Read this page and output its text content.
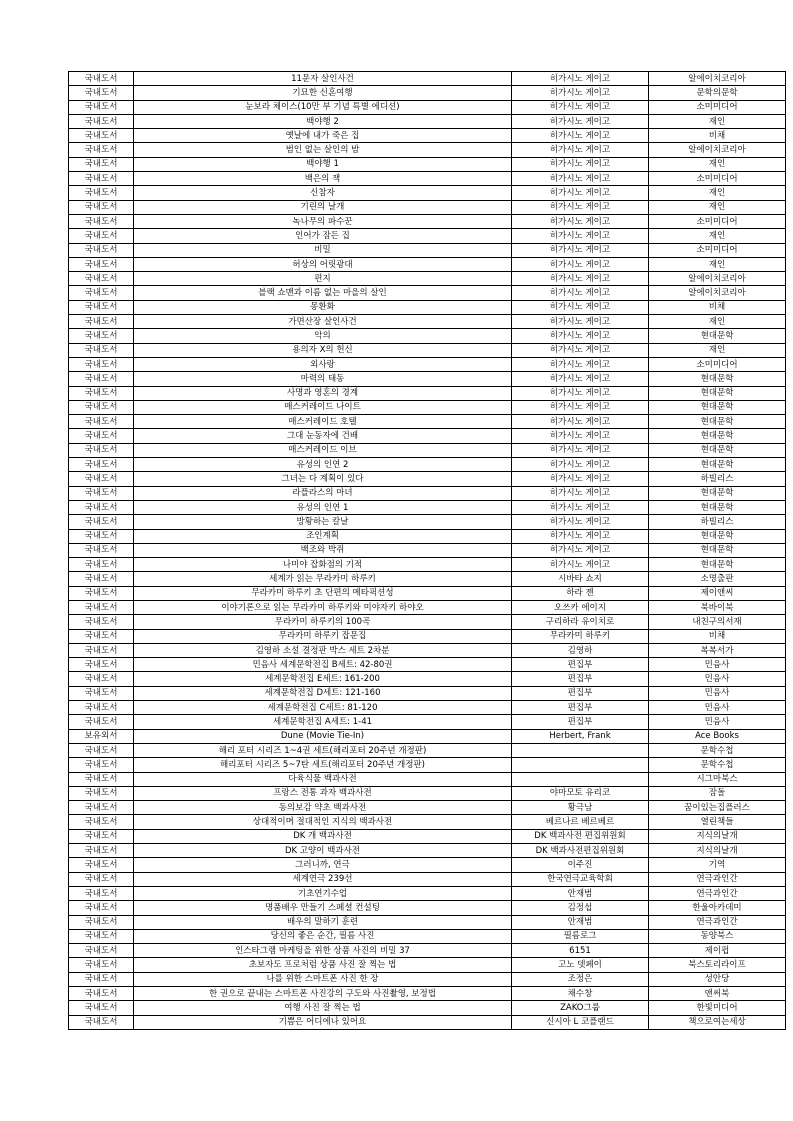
국내도서	11문자 살인사건	히가시노 게이고	알에이치코리아
국내도서	기묘한 신혼여행	히가시노 게이고	문학의문학
국내도서	눈보라 체이스(10만 부 기념 특별 에디션)	히가시노 게이고	소미미디어
국내도서	백야행 2	히가시노 게이고	재인
국내도서	옛날에 내가 죽은 집	히가시노 게이고	비채
국내도서	범인 없는 살인의 밤	히가시노 게이고	알에이치코리아
국내도서	백야행 1	히가시노 게이고	재인
국내도서	백은의 잭	히가시노 게이고	소미미디어
국내도서	신참자	히가시노 게이고	재인
국내도서	기린의 날개	히가시노 게이고	재인
국내도서	녹나무의 파수꾼	히가시노 게이고	소미미디어
국내도서	인어가 잠든 집	히가시노 게이고	재인
국내도서	비밀	히가시노 게이고	소미미디어
국내도서	허상의 어릿광대	히가시노 게이고	재인
국내도서	편지	히가시노 게이고	알에이치코리아
국내도서	블랙 쇼맨과 이름 없는 마을의 살인	히가시노 게이고	알에이치코리아
국내도서	몽환화	히가시노 게이고	비채
국내도서	가면산장 살인사건	히가시노 게이고	재인
국내도서	악의	히가시노 게이고	현대문학
국내도서	용의자 X의 헌신	히가시노 게이고	재인
국내도서	외사랑	히가시노 게이고	소미미디어
국내도서	마력의 태동	히가시노 게이고	현대문학
국내도서	사명과 영혼의 경계	히가시노 게이고	현대문학
국내도서	매스커레이드 나이트	히가시노 게이고	현대문학
국내도서	매스커레이드 호텔	히가시노 게이고	현대문학
국내도서	그대 눈동자에 건배	히가시노 게이고	현대문학
국내도서	매스커레이드 이브	히가시노 게이고	현대문학
국내도서	유성의 인연 2	히가시노 게이고	현대문학
국내도서	그녀는 다 계획이 있다	히가시노 게이고	하빌리스
국내도서	라플라스의 마녀	히가시노 게이고	현대문학
국내도서	유성의 인연 1	히가시노 게이고	현대문학
국내도서	방황하는 칼날	히가시노 게이고	하빌리스
국내도서	조인계획	히가시노 게이고	현대문학
국내도서	백조와 박쥐	히가시노 게이고	현대문학
국내도서	나미야 잡화점의 기적	히가시노 게이고	현대문학
국내도서	세계가 읽는 무라카미 하루키	시바타 쇼지	소명출판
국내도서	무라카미 하루키 초 단편의 메타픽션성	하라 젠	제이앤씨
국내도서	이야기론으로 읽는 무라카미 하루키와 미야자키 하야오	오쓰카 에이지	북바이북
국내도서	무라카미 하루키의 100곡	구리하라 유이치로	내친구의서재
국내도서	무라카미 하루키 잡문집	무라카미 하루키	비채
국내도서	김영하 소설 결정판 박스 세트 2차분	김영하	복복서가
국내도서	민음사 세계문학전집 B세트: 42-80권	편집부	민음사
국내도서	세계문학전집 E세트: 161-200	편집부	민음사
국내도서	세계문학전집 D세트: 121-160	편집부	민음사
국내도서	세계문학전집 C세트: 81-120	편집부	민음사
국내도서	세계문학전집 A세트: 1-41	편집부	민음사
보유외서	Dune (Movie Tie-In)	Herbert, Frank	Ace Books
국내도서	해리 포터 시리즈 1~4권 세트(해리포터 20주년 개정판)		문학수첩
국내도서	해리포터 시리즈 5~7탄 세트(해리포터 20주년 개정판)		문학수첩
국내도서	다육식물 백과사전		시그마북스
국내도서	프랑스 전통 과자 백과사전	야마모토 유리코	잠돌
국내도서	동의보감 약초 백과사전	황극남	꿈이있는집플러스
국내도서	상대적이며 절대적인 지식의 백과사전	베르나르 베르베르	열린책들
국내도서	DK 개 백과사전	DK 백과사전 편집위원회	지식의날개
국내도서	DK 고양이 백과사전	DK 백과사전편집위원회	지식의날개
국내도서	그러니까, 연극	이주진	기역
국내도서	세계연극 239선	한국연극교육학회	연극과인간
국내도서	기초연기수업	안재범	연극과인간
국내도서	명품배우 만들기 스페셜 컨설팅	김정섭	한울아카데미
국내도서	배우의 말하기 훈련	안재범	연극과인간
국내도서	당신의 좋은 순간, 필름 사진	필름로그	동양북스
국내도서	인스타그램 마케팅을 위한 상품 사진의 비밀 37	6151	제이펍
국내도서	초보자도 프로처럼 상품 사진 잘 찍는 법	고노 뎃페이	북스토리라이프
국내도서	나를 위한 스마트폰 사진 한 장	조정은	성안당
국내도서	한 권으로 끝내는 스마트폰 사진강의 구도와 사진촬영, 보정법	채수창	앤써북
국내도서	여행 사진 잘 찍는 법	ZAKO그룹	한빛미디어
국내도서	기쁨은 어디에나 있어요	신시아 L 코플랜드	책으로여는세상
